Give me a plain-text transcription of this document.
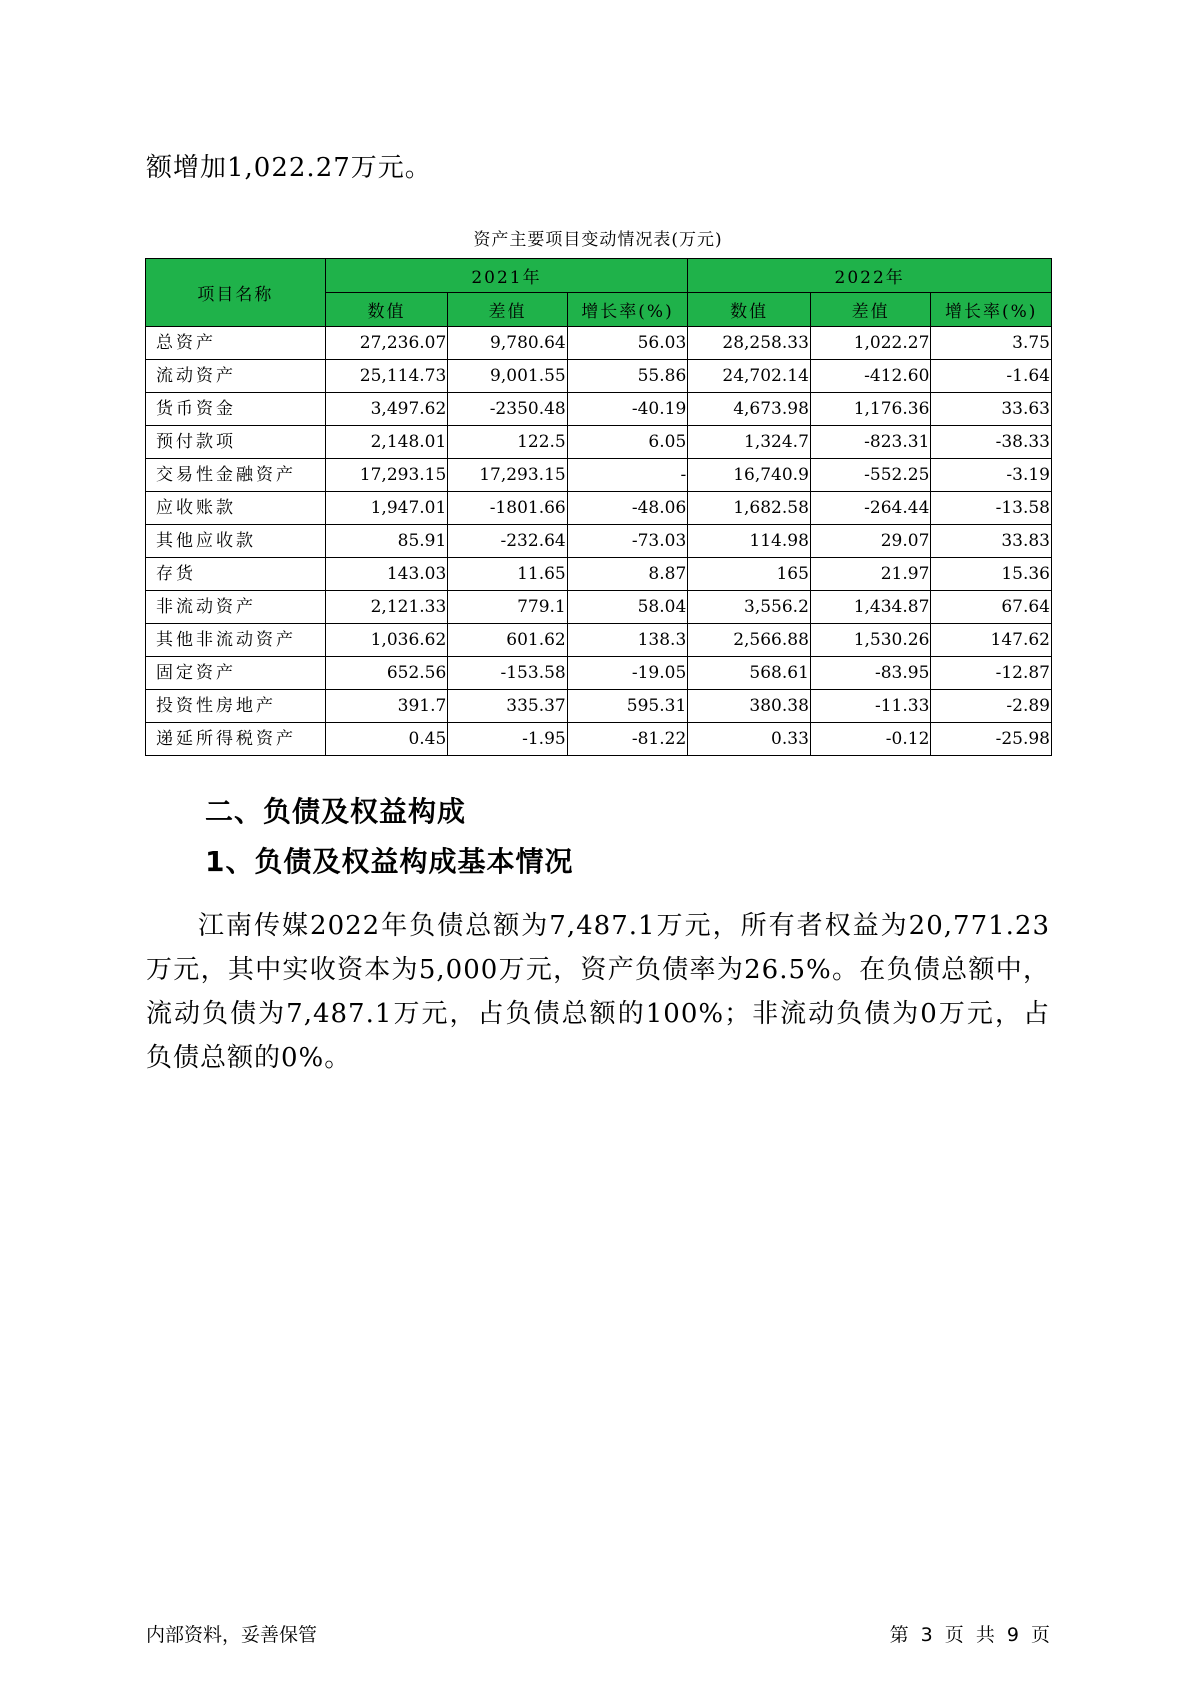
额增加1,022.27万元。
资产主要项目变动情况表(万元)
项目名称	2021年			2022年		
	数值	差值	增长率(%)	数值	差值	增长率(%)
总资产	27,236.07	9,780.64	56.03	28,258.33	1,022.27	3.75
流动资产	25,114.73	9,001.55	55.86	24,702.14	-412.60	-1.64
货币资金	3,497.62	-2350.48	-40.19	4,673.98	1,176.36	33.63
预付款项	2,148.01	122.5	6.05	1,324.7	-823.31	-38.33
交易性金融资产	17,293.15	17,293.15	-	16,740.9	-552.25	-3.19
应收账款	1,947.01	-1801.66	-48.06	1,682.58	-264.44	-13.58
其他应收款	85.91	-232.64	-73.03	114.98	29.07	33.83
存货	143.03	11.65	8.87	165	21.97	15.36
非流动资产	2,121.33	779.1	58.04	3,556.2	1,434.87	67.64
其他非流动资产	1,036.62	601.62	138.3	2,566.88	1,530.26	147.62
固定资产	652.56	-153.58	-19.05	568.61	-83.95	-12.87
投资性房地产	391.7	335.37	595.31	380.38	-11.33	-2.89
递延所得税资产	0.45	-1.95	-81.22	0.33	-0.12	-25.98
二、负债及权益构成
1、负债及权益构成基本情况
江南传媒2022年负债总额为7,487.1万元，所有者权益为20,771.23万元，其中实收资本为5,000万元，资产负债率为26.5%。在负债总额中，流动负债为7,487.1万元，占负债总额的100%；非流动负债为0万元，占负债总额的0%。
内部资料，妥善保管	第 3 页 共 9 页
